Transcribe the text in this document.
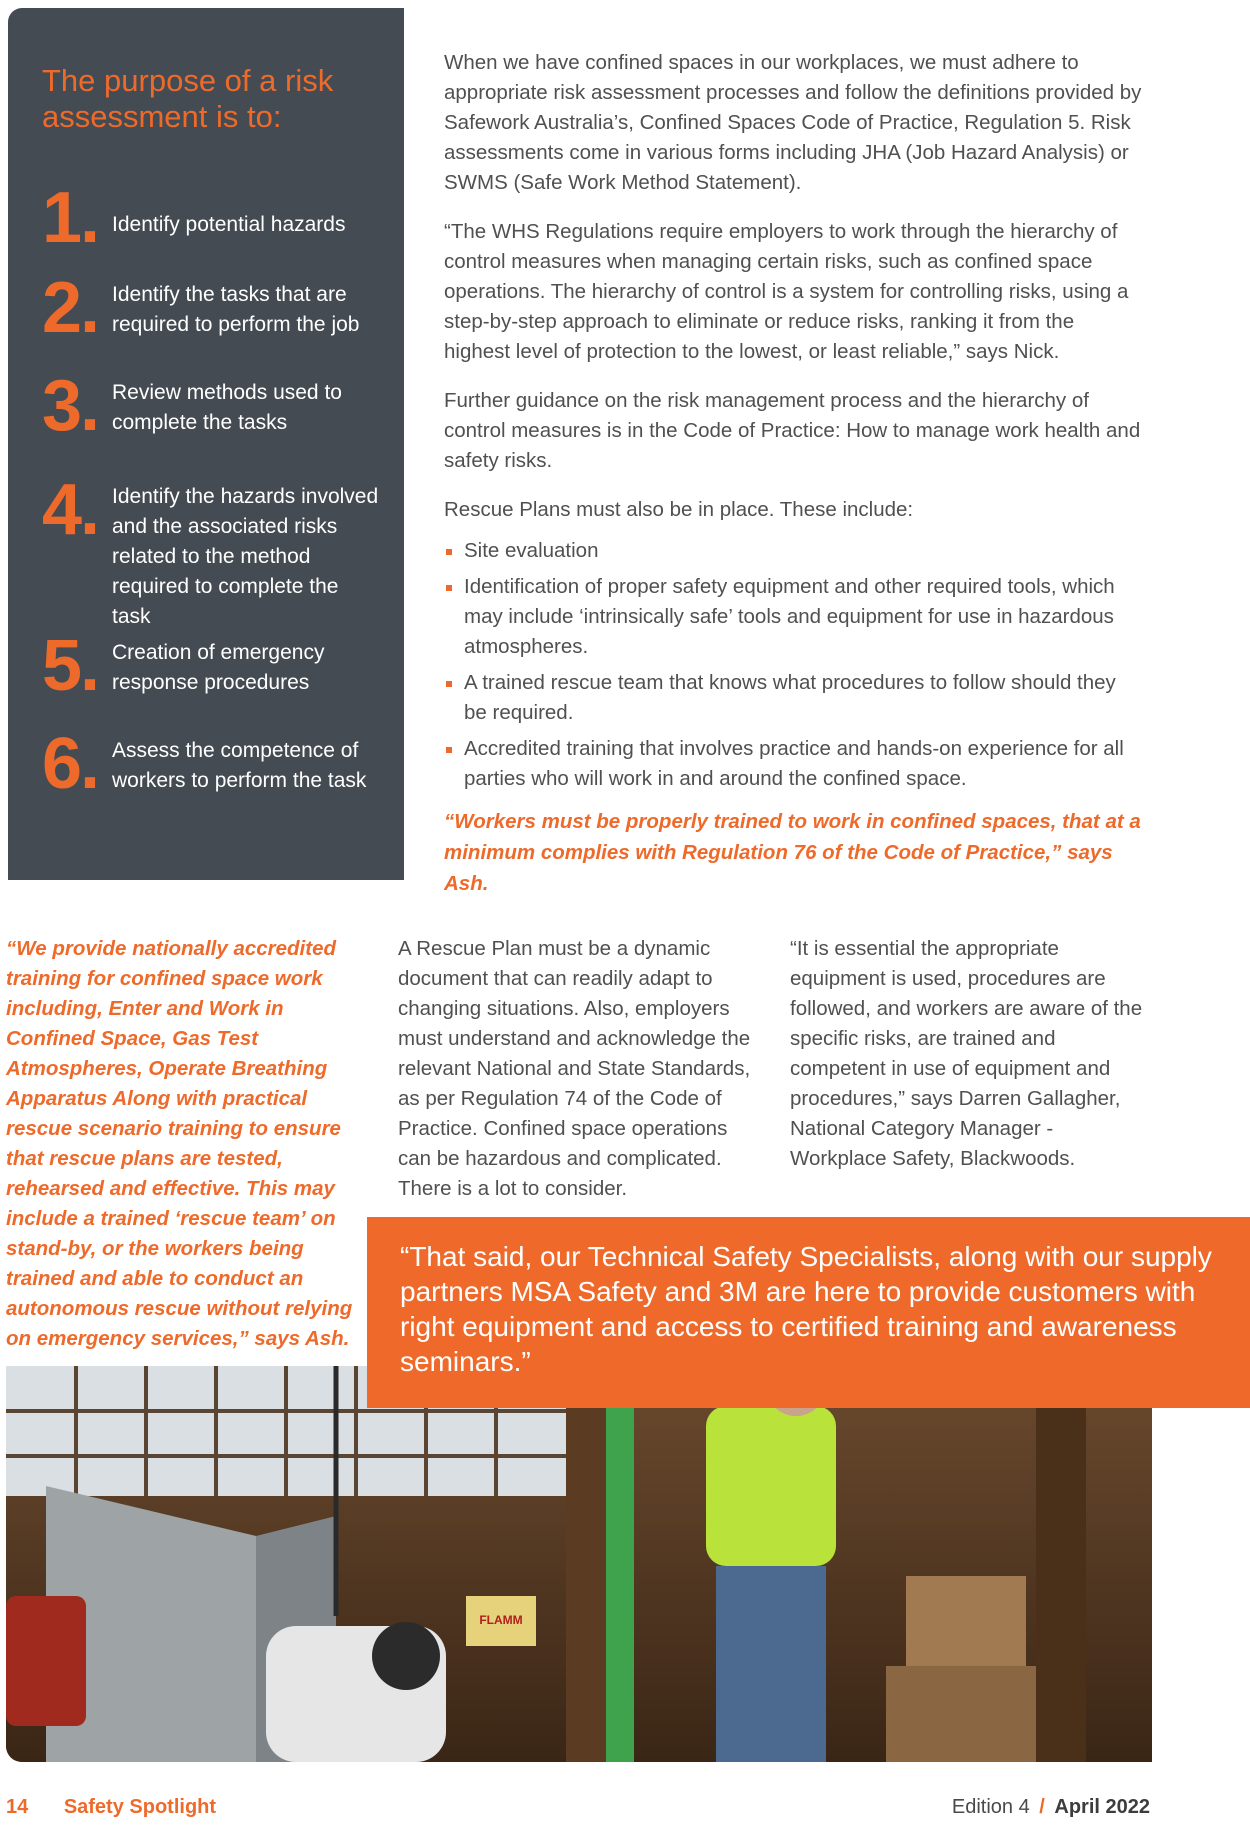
The purpose of a risk assessment is to:
1. Identify potential hazards
2. Identify the tasks that are required to perform the job
3. Review methods used to complete the tasks
4. Identify the hazards involved and the associated risks related to the method required to complete the task
5. Creation of emergency response procedures
6. Assess the competence of workers to perform the task

When we have confined spaces in our workplaces, we must adhere to appropriate risk assessment processes and follow the definitions provided by Safework Australia’s, Confined Spaces Code of Practice, Regulation 5. Risk assessments come in various forms including JHA (Job Hazard Analysis) or SWMS (Safe Work Method Statement).

“The WHS Regulations require employers to work through the hierarchy of control measures when managing certain risks, such as confined space operations. The hierarchy of control is a system for controlling risks, using a step-by-step approach to eliminate or reduce risks, ranking it from the highest level of protection to the lowest, or least reliable,” says Nick.

Further guidance on the risk management process and the hierarchy of control measures is in the Code of Practice: How to manage work health and safety risks.

Rescue Plans must also be in place. These include:

Site evaluation
Identification of proper safety equipment and other required tools, which may include ‘intrinsically safe’ tools and equipment for use in hazardous atmospheres.
A trained rescue team that knows what procedures to follow should they be required.
Accredited training that involves practice and hands-on experience for all parties who will work in and around the confined space.

“Workers must be properly trained to work in confined spaces, that at a minimum complies with Regulation 76 of the Code of Practice,” says Ash.

“We provide nationally accredited training for confined space work including, Enter and Work in Confined Space, Gas Test Atmospheres, Operate Breathing Apparatus Along with practical rescue scenario training to ensure that rescue plans are tested, rehearsed and effective. This may include a trained ‘rescue team’ on stand-by, or the workers being trained and able to conduct an autonomous rescue without relying on emergency services,” says Ash.
A Rescue Plan must be a dynamic document that can readily adapt to changing situations. Also, employers must understand and acknowledge the relevant National and State Standards, as per Regulation 74 of the Code of Practice. Confined space operations can be hazardous and complicated. There is a lot to consider.
“It is essential the appropriate equipment is used, procedures are followed, and workers are aware of the specific risks, are trained and competent in use of equipment and procedures,” says Darren Gallagher, National Category Manager - Workplace Safety, Blackwoods.
FLAMM

“That said, our Technical Safety Specialists, along with our supply partners MSA Safety and 3M are here to provide customers with right equipment and access to certified training and awareness seminars.”

14 Safety Spotlight	Edition 4 / April 2022
